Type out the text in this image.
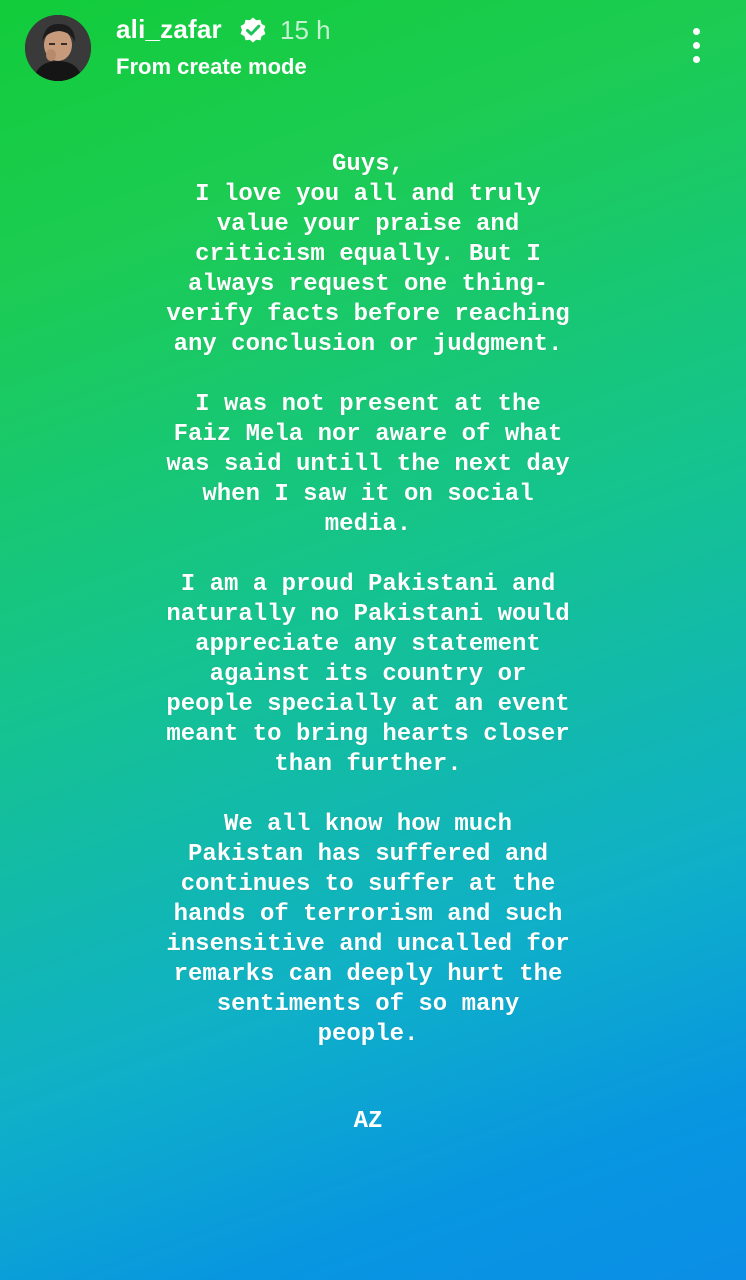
ali_zafar 15 h
From create mode

Guys,
I love you all and truly
value your praise and
criticism equally. But I
always request one thing-
verify facts before reaching
any conclusion or judgment.

I was not present at the
Faiz Mela nor aware of what
was said untill the next day
when I saw it on social
media.

I am a proud Pakistani and
naturally no Pakistani would
appreciate any statement
against its country or
people specially at an event
meant to bring hearts closer
than further.

We all know how much
Pakistan has suffered and
continues to suffer at the
hands of terrorism and such
insensitive and uncalled for
remarks can deeply hurt the
sentiments of so many
people.

AZ
